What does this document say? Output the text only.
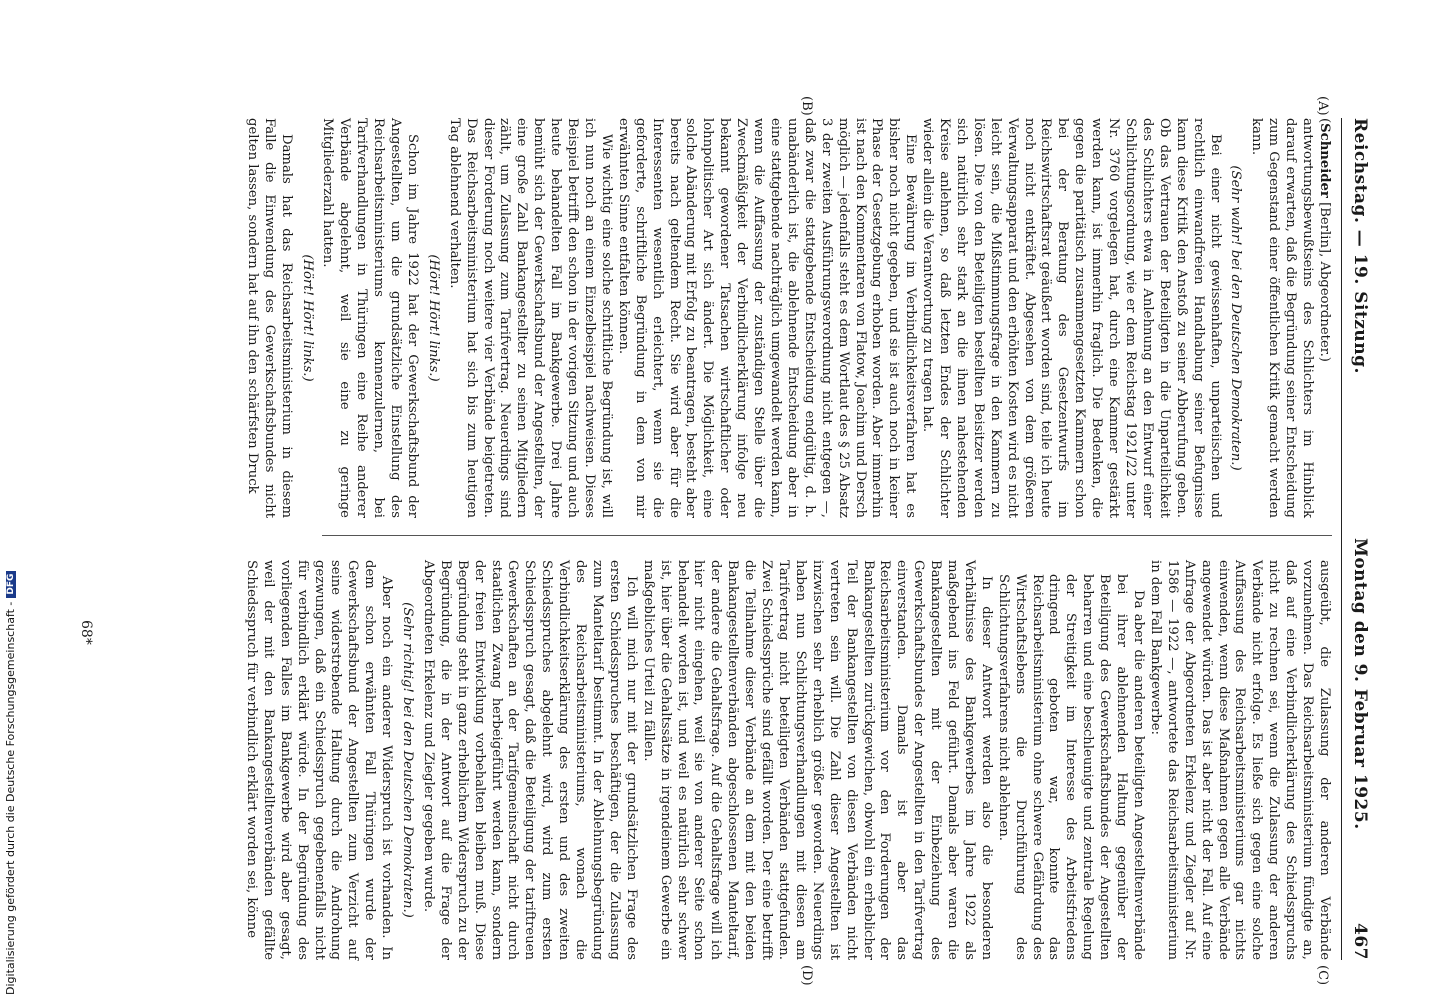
Digitalisierung gefördert durch die Deutsche Forschungsgemeinschaft -DFG
Reichstag. — 19. Sitzung.
Montag den 9. Februar 1925.
467
(A)
(B)
(C)
(D)

(Schneider [Berlin], Abgeordneter.)

antwortungsbewußtseins des Schlichters im Hinblick darauf erwarten, daß die Begründung seiner Entscheidung zum Gegenstand einer öffentlichen Kritik gemacht werden kann.

(Sehr wahr! bei den Deutschen Demokraten.)

Bei einer nicht gewissenhaften, unparteiischen und rechtlich einwandfreien Handhabung seiner Befugnisse kann diese Kritik den Anstoß zu seiner Abberufung geben. Ob das Vertrauen der Beteiligten in die Unparteilichkeit des Schlichters etwa in Anlehnung an den Entwurf einer Schlichtungsordnung, wie er dem Reichstag 1921/22 unter Nr. 3760 vorgelegen hat, durch eine Kammer gestärkt werden kann, ist immerhin fraglich. Die Bedenken, die gegen die paritätisch zusammengesetzten Kammern schon bei der Beratung des Gesetzentwurfs im Reichswirtschaftsrat geäußert worden sind, teile ich heute noch nicht entkräftet. Abgesehen von dem größeren Verwaltungsapparat und den erhöhten Kosten wird es nicht leicht sein, die Mißstimmungsfrage in den Kammern zu lösen. Die von den Beteiligten bestellten Beisitzer werden sich natürlich sehr stark an die ihnen nahestehenden Kreise anlehnen, so daß letzten Endes der Schlichter wieder allein die Verantwortung zu tragen hat.

Eine Bewährung im Verbindlichkeitsverfahren hat es bisher noch nicht gegeben, und sie ist auch noch in keiner Phase der Gesetzgebung erhoben worden. Aber immerhin ist nach den Kommentaren von Flatow, Joachim und Dersch möglich — jedenfalls steht es dem Wortlaut des § 25 Absatz 3 der zweiten Ausführungsverordnung nicht entgegen —, daß zwar die stattgebende Entscheidung endgültig, d. h. unabänderlich ist, die ablehnende Entscheidung aber in eine stattgebende nachträglich umgewandelt werden kann, wenn die Auffassung der zuständigen Stelle über die Zweckmäßigkeit der Verbindlicherklärung infolge neu bekannt gewordener Tatsachen wirtschaftlicher oder lohnpolitischer Art sich ändert. Die Möglichkeit, eine solche Abänderung mit Erfolg zu beantragen, besteht aber bereits nach geltendem Recht. Sie wird aber für die Interessenten wesentlich erleichtert, wenn sie die geforderte, schriftliche Begründung in dem von mir erwähnten Sinne entfalten können.

Wie wichtig eine solche schriftliche Begründung ist, will ich nun noch an einem Einzelbeispiel nachweisen. Dieses Beispiel betrifft den schon in der vorigen Sitzung und auch heute behandelten Fall im Bankgewerbe. Drei Jahre bemüht sich der Gewerkschaftsbund der Angestellten, der eine große Zahl Bankangestellter zu seinen Mitgliedern zählt, um Zulassung zum Tarifvertrag. Neuerdings sind dieser Forderung noch weitere vier Verbände beigetreten. Das Reichsarbeitsministerium hat sich bis zum heutigen Tag ablehnend verhalten.

(Hört! Hört! links.)

Schon im Jahre 1922 hat der Gewerkschaftsbund der Angestellten, um die grundsätzliche Einstellung des Reichsarbeitsministeriums kennenzulernen, bei Tarifverhandlungen in Thüringen eine Reihe anderer Verbände abgelehnt, weil sie eine zu geringe Mitgliederzahl hatten.

(Hört! Hört! links.)

Damals hat das Reichsarbeitsministerium in diesem Falle die Einwendung des Gewerkschaftsbundes nicht gelten lassen, sondern hat auf ihn den schärfsten Druck

ausgeübt, die Zulassung der anderen Verbände vorzunehmen. Das Reichsarbeitsministerium fündigte an, daß auf eine Verbindlicherklärung des Schiedsspruchs nicht zu rechnen sei, wenn die Zulassung der anderen Verbände nicht erfolge. Es ließe sich gegen eine solche Auffassung des Reichsarbeitsministeriums gar nichts einwenden, wenn diese Maßnahmen gegen alle Verbände angewendet würden. Das ist aber nicht der Fall. Auf eine Anfrage der Abgeordneten Erkelenz und Ziegler auf Nr. 1586 — 1922 —, antwortete das Reichsarbeitsministerium in dem Fall Bankgewerbe:

Da aber die anderen beteiligten Angestelltenverbände bei ihrer ablehnenden Haltung gegenüber der Beteiligung des Gewerkschaftsbundes der Angestellten beharren und eine beschleunigte und zentrale Regelung der Streitigkeit im Interesse des Arbeitsfriedens dringend geboten war, konnte das Reichsarbeitsministerium ohne schwere Gefährdung des Wirtschaftslebens die Durchführung des Schlichtungsverfahrens nicht ablehnen.

In dieser Antwort werden also die besonderen Verhältnisse des Bankgewerbes im Jahre 1922 als maßgebend ins Feld geführt. Damals aber waren die Bankangestellten mit der Einbeziehung des Gewerkschaftsbundes der Angestellten in den Tarifvertrag einverstanden. Damals ist aber das Reichsarbeitsministerium vor den Forderungen der Bankangestellten zurückgewichen, obwohl ein erheblicher Teil der Bankangestellten von diesen Verbänden nicht vertreten sein will. Die Zahl dieser Angestellten ist inzwischen sehr erheblich größer geworden. Neuerdings haben nun Schlichtungsverhandlungen mit diesen am Tarifvertrag nicht beteiligten Verbänden stattgefunden. Zwei Schiedssprüche sind gefällt worden. Der eine betrifft die Teilnahme dieser Verbände an dem mit den beiden Bankangestelltenverbänden abgeschlossenen Manteltarif, der andere die Gehaltsfrage. Auf die Gehaltsfrage will ich hier nicht eingehen, weil sie von anderer Seite schon behandelt worden ist, und weil es natürlich sehr schwer ist, hier über die Gehaltssätze in irgendeinem Gewerbe ein maßgebliches Urteil zu fällen.

Ich will mich nur mit der grundsätzlichen Frage des ersten Schiedsspruches beschäftigen, der die Zulassung zum Manteltarif bestimmt. In der Ablehnungsbegründung des Reichsarbeitsministeriums, wonach die Verbindlichkeitserklärung des ersten und des zweiten Schiedsspruches abgelehnt wird, wird zum ersten Schiedsspruch gesagt, daß die Beteiligung der tariftreuen Gewerkschaften an der Tarifgemeinschaft nicht durch staatlichen Zwang herbeigeführt werden kann, sondern der freien Entwicklung vorbehalten bleiben muß. Diese Begründung steht in ganz erheblichem Widerspruch zu der Begründung, die in der Antwort auf die Frage der Abgeordneten Erkelenz und Ziegler gegeben wurde.

(Sehr richtig! bei den Deutschen Demokraten.)

Aber noch ein anderer Widerspruch ist vorhanden. In dem schon erwähnten Fall Thüringen wurde der Gewerkschaftsbund der Angestellten zum Verzicht auf seine widerstrebende Haltung durch die Androhung gezwungen, daß ein Schiedsspruch gegebenenfalls nicht für verbindlich erklärt würde. In der Begründung des vorliegenden Falles im Bankgewerbe wird aber gesagt, weil der mit den Bankangestelltenverbänden gefällte Schiedsspruch für verbindlich erklärt worden sei, könne

68*
